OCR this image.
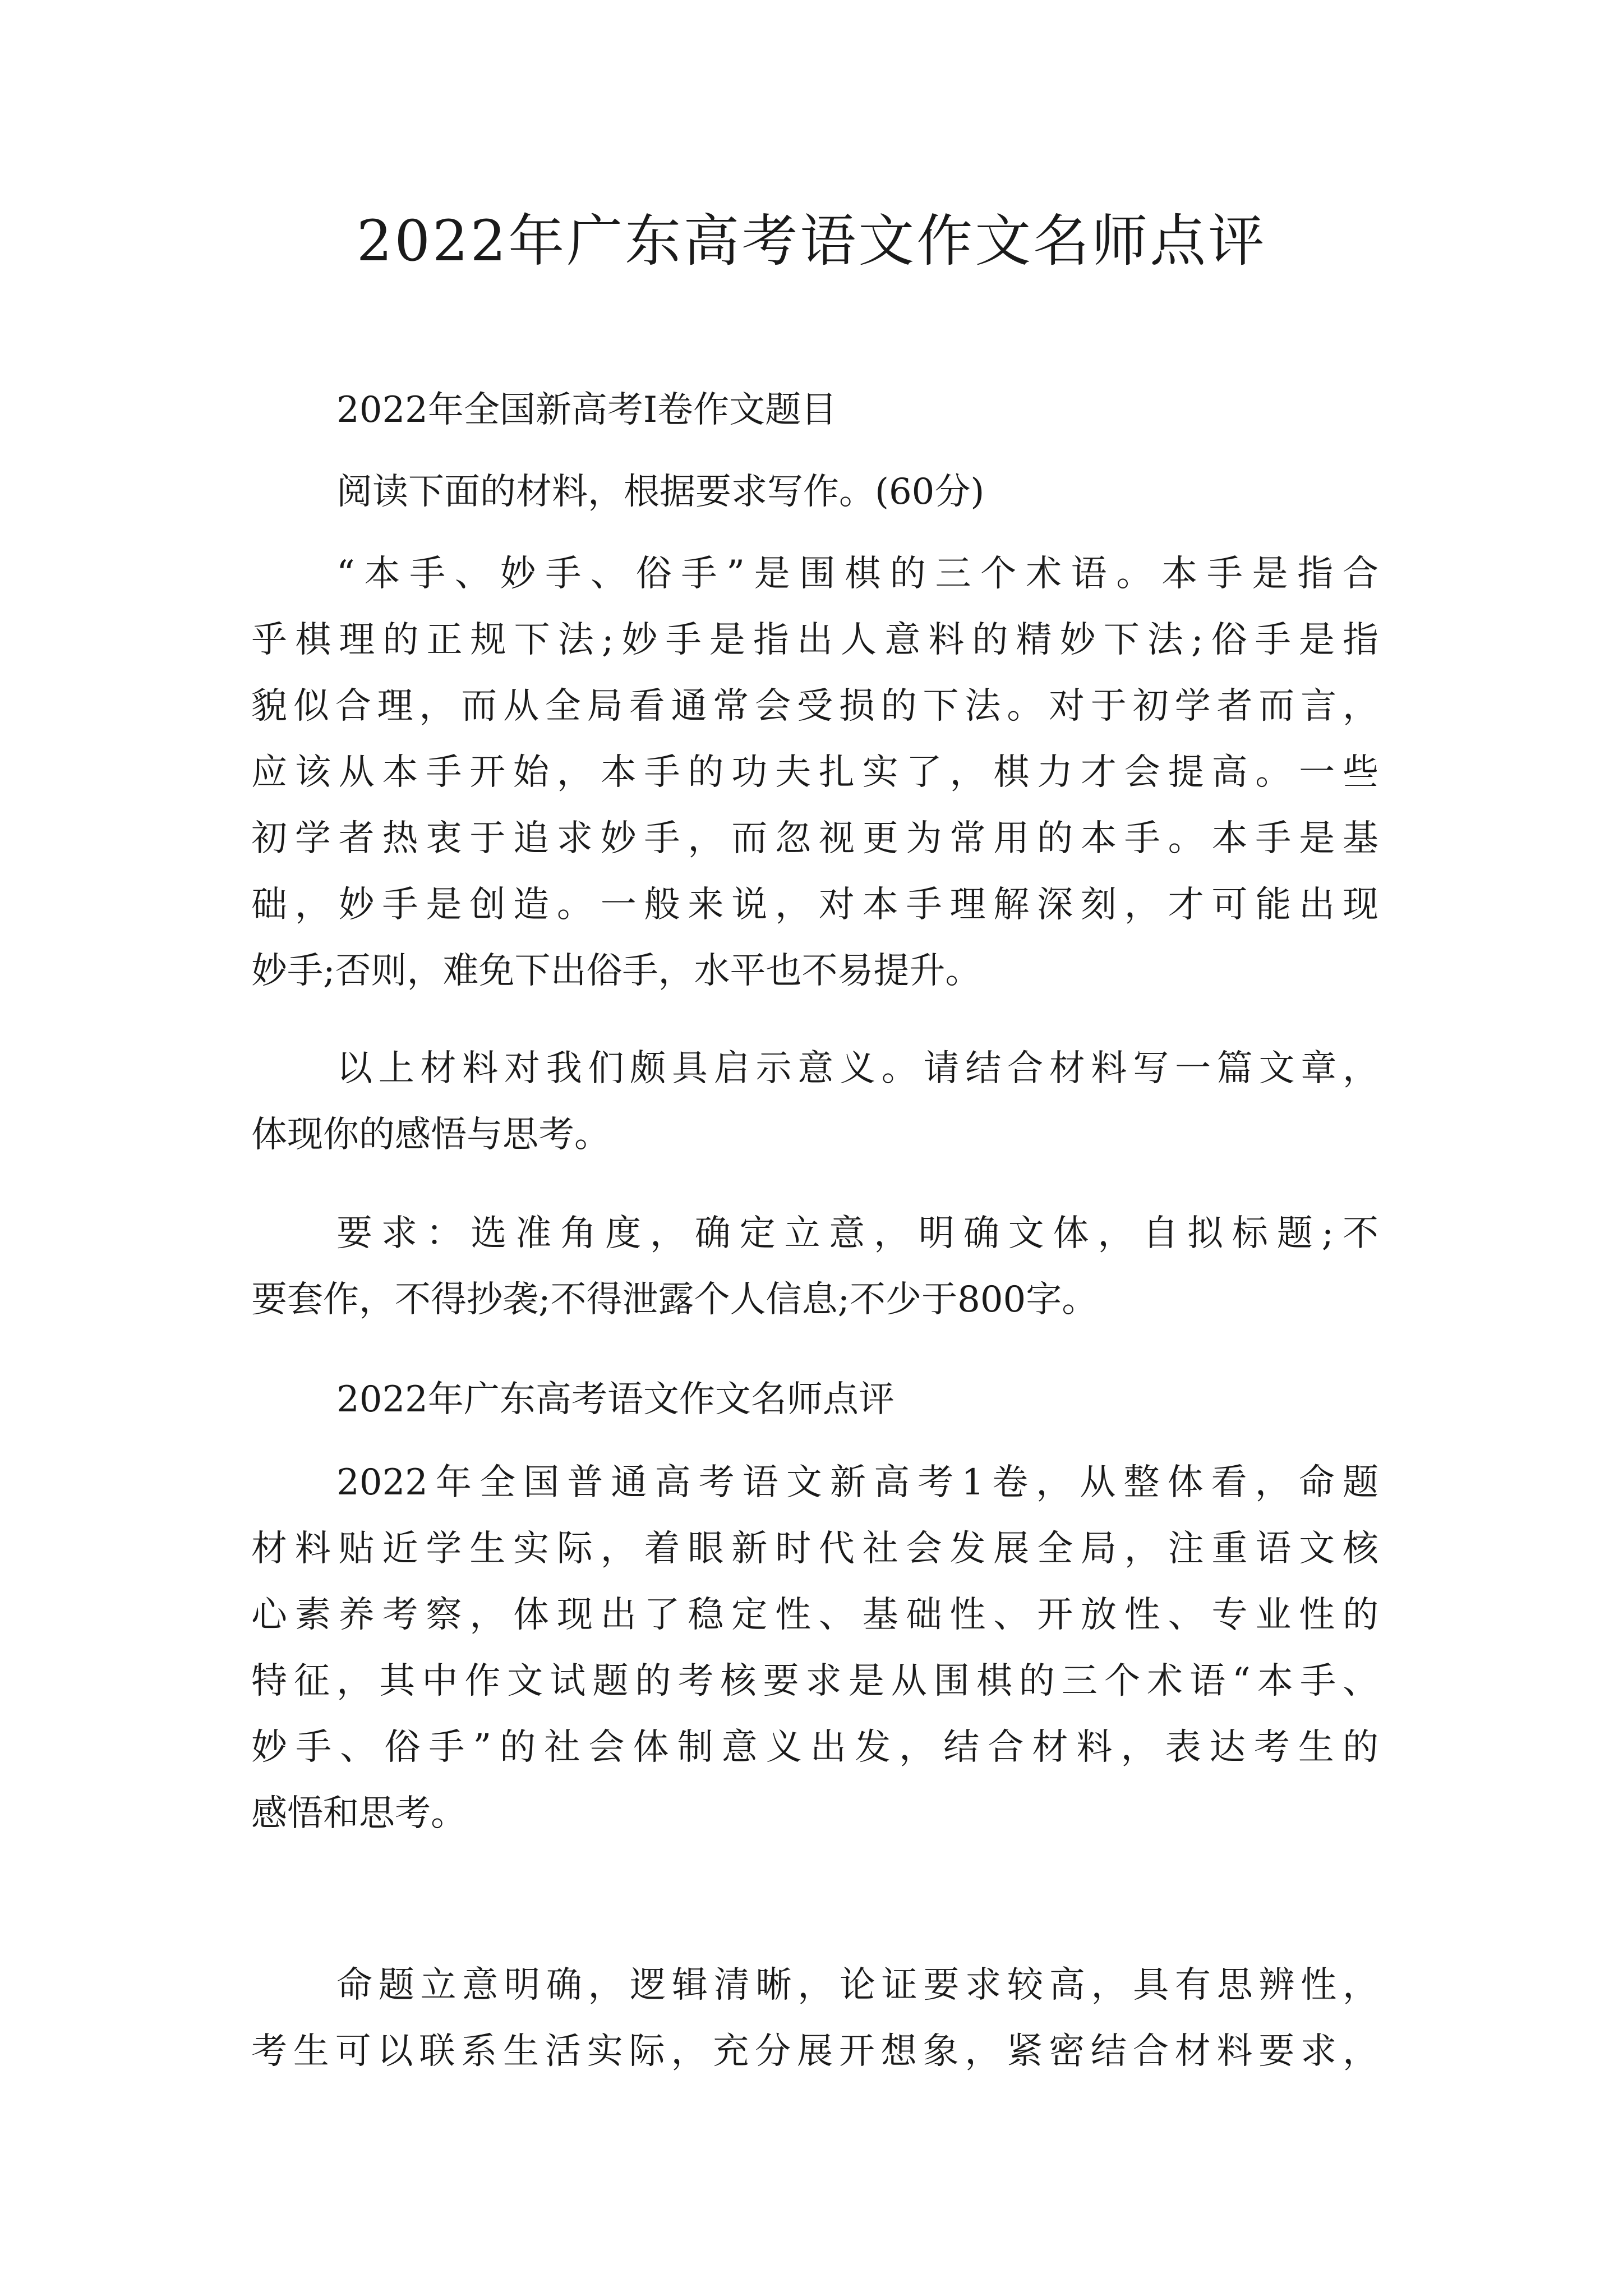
2022年广东高考语文作文名师点评
2022年全国新高考Ⅰ卷作文题目
阅读下面的材料，根据要求写作。(60分)
“本手、妙手、俗手”是围棋的三个术语。本手是指合
乎棋理的正规下法;妙手是指出人意料的精妙下法;俗手是指
貌似合理，而从全局看通常会受损的下法。对于初学者而言，
应该从本手开始，本手的功夫扎实了，棋力才会提高。一些
初学者热衷于追求妙手，而忽视更为常用的本手。本手是基
础，妙手是创造。一般来说，对本手理解深刻，才可能出现
妙手;否则，难免下出俗手，水平也不易提升。
以上材料对我们颇具启示意义。请结合材料写一篇文章，
体现你的感悟与思考。
要求：选准角度，确定立意，明确文体，自拟标题;不
要套作，不得抄袭;不得泄露个人信息;不少于800字。
2022年广东高考语文作文名师点评
2022年全国普通高考语文新高考1卷，从整体看，命题
材料贴近学生实际，着眼新时代社会发展全局，注重语文核
心素养考察，体现出了稳定性、基础性、开放性、专业性的
特征，其中作文试题的考核要求是从围棋的三个术语“本手、
妙手、俗手”的社会体制意义出发，结合材料，表达考生的
感悟和思考。
命题立意明确，逻辑清晰，论证要求较高，具有思辨性，
考生可以联系生活实际，充分展开想象，紧密结合材料要求，
